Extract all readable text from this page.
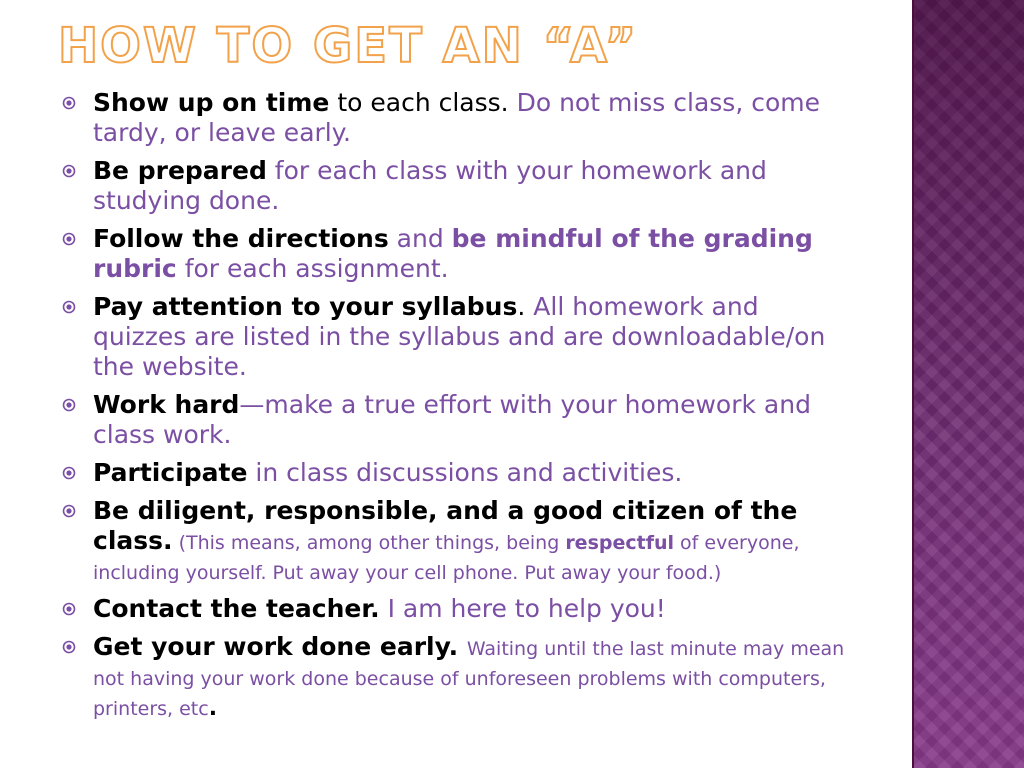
HOW TO GET AN “A”
Show up on time to each class. Do not miss class, come tardy, or leave early.
Be prepared for each class with your homework and studying done.
Follow the directions and be mindful of the grading rubric for each assignment.
Pay attention to your syllabus. All homework and quizzes are listed in the syllabus and are downloadable/on the website.
Work hard—make a true effort with your homework and class work.
Participate in class discussions and activities.
Be diligent, responsible, and a good citizen of the class. (This means, among other things, being respectful of everyone, including yourself. Put away your cell phone. Put away your food.)
Contact the teacher. I am here to help you!
Get your work done early. Waiting until the last minute may mean not having your work done because of unforeseen problems with computers, printers, etc.
